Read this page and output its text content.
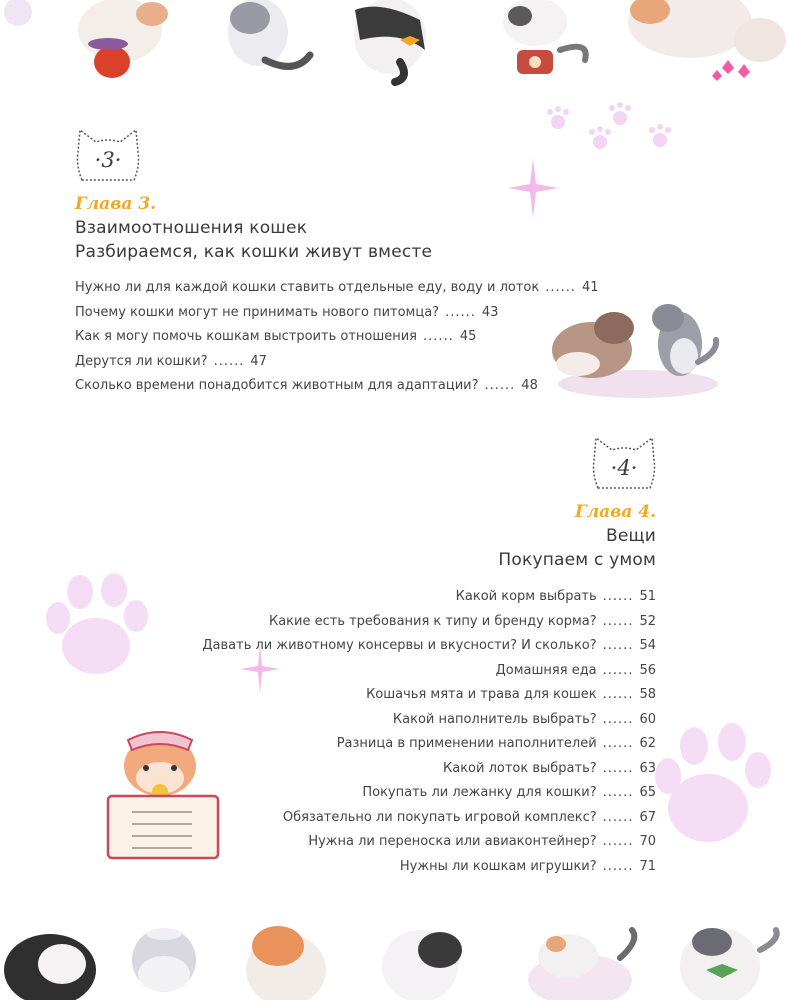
·3·
Глава 3.
Взаимоотношения кошек
Разбираемся, как кошки живут вместе
Нужно ли для каждой кошки ставить отдельные еду, воду и лоток ...... 41
Почему кошки могут не принимать нового питомца? ...... 43
Как я могу помочь кошкам выстроить отношения ...... 45
Дерутся ли кошки? ...... 47
Сколько времени понадобится животным для адаптации? ...... 48
·4·
Глава 4.
Вещи
Покупаем с умом
Какой корм выбрать ...... 51
Какие есть требования к типу и бренду корма? ...... 52
Давать ли животному консервы и вкусности? И сколько? ...... 54
Домашняя еда ...... 56
Кошачья мята и трава для кошек ...... 58
Какой наполнитель выбрать? ...... 60
Разница в применении наполнителей ...... 62
Какой лоток выбрать? ...... 63
Покупать ли лежанку для кошки? ...... 65
Обязательно ли покупать игровой комплекс? ...... 67
Нужна ли переноска или авиаконтейнер? ...... 70
Нужны ли кошкам игрушки? ...... 71
